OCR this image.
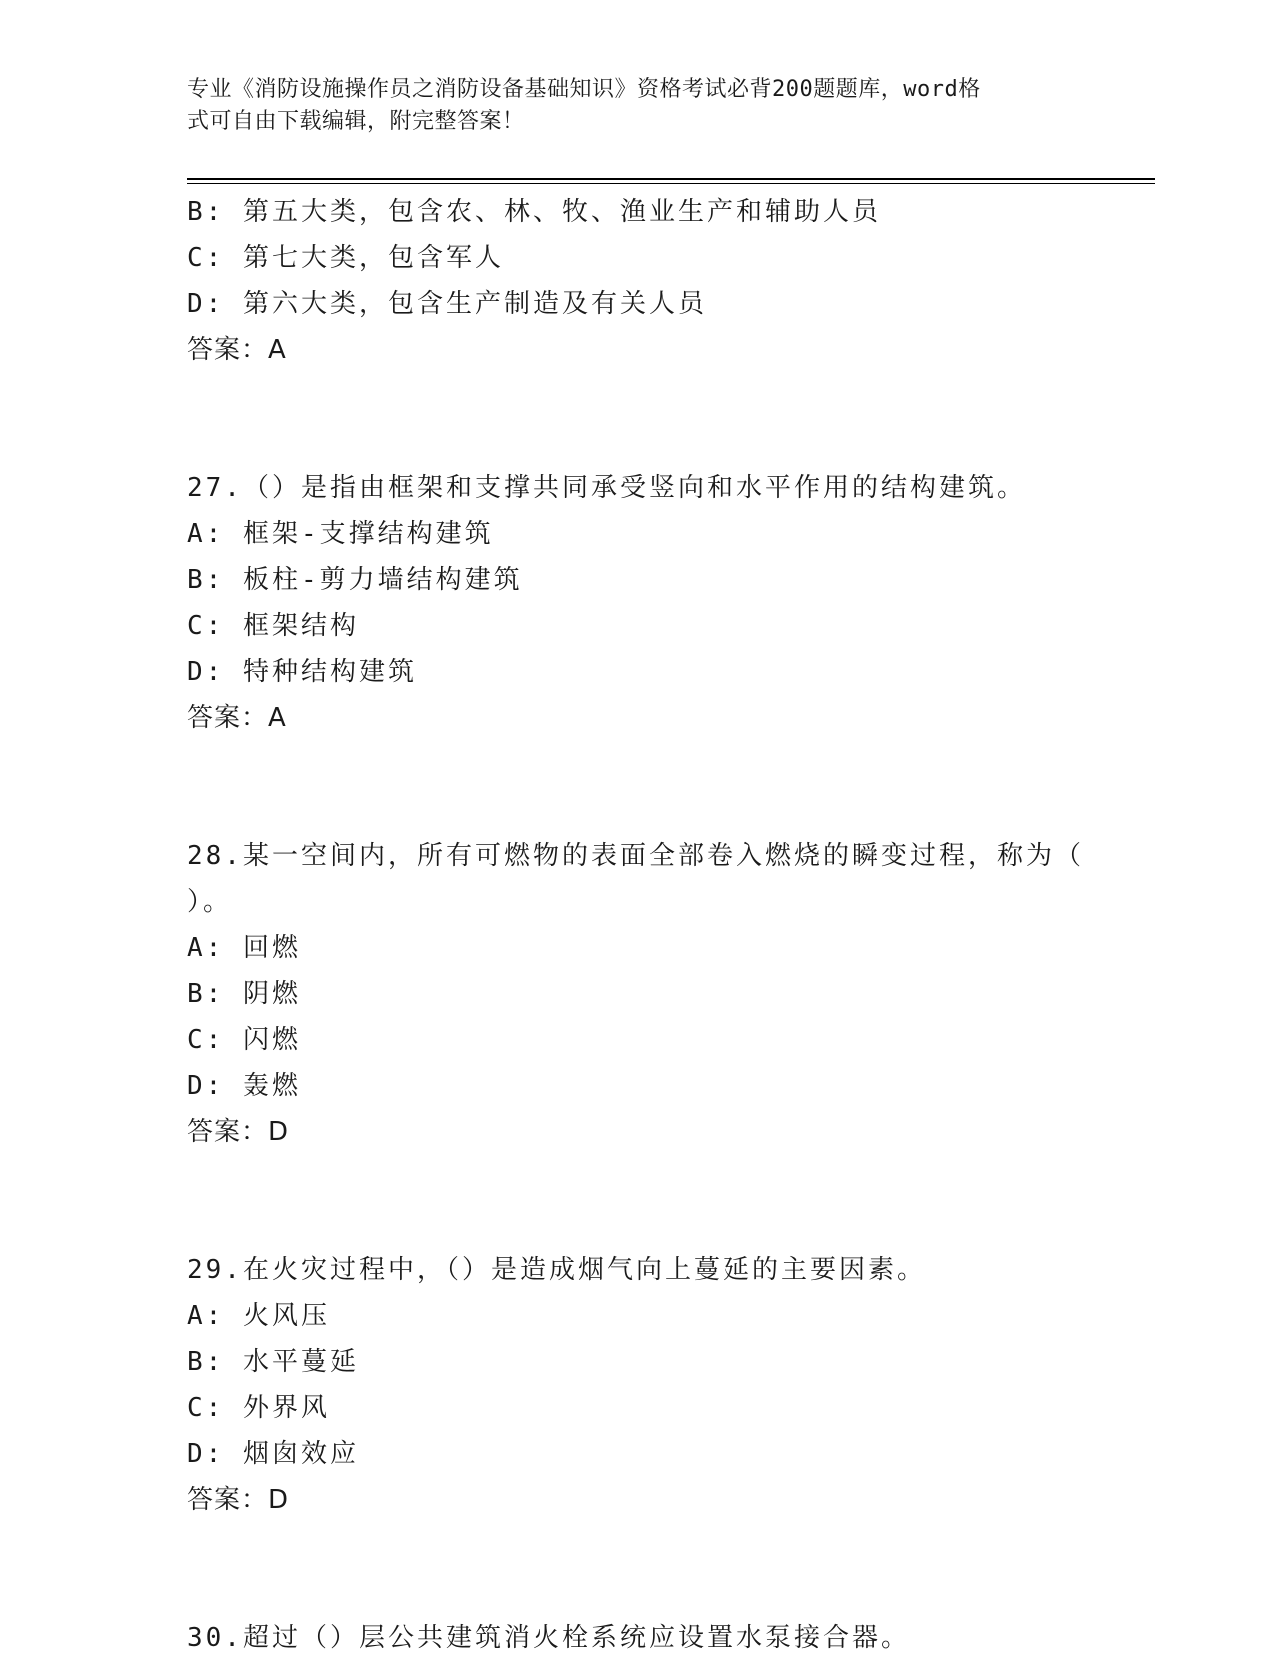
专业《消防设施操作员之消防设备基础知识》资格考试必背200题题库，word格
式可自由下载编辑，附完整答案！
B: 第五大类，包含农、林、牧、渔业生产和辅助人员
C: 第七大类，包含军人
D: 第六大类，包含生产制造及有关人员
答案：A
27.（）是指由框架和支撑共同承受竖向和水平作用的结构建筑。
A: 框架-支撑结构建筑
B: 板柱-剪力墙结构建筑
C: 框架结构
D: 特种结构建筑
答案：A
28.某一空间内，所有可燃物的表面全部卷入燃烧的瞬变过程，称为（
）。
A: 回燃
B: 阴燃
C: 闪燃
D: 轰燃
答案：D
29.在火灾过程中，（）是造成烟气向上蔓延的主要因素。
A: 火风压
B: 水平蔓延
C: 外界风
D: 烟囱效应
答案：D
30.超过（）层公共建筑消火栓系统应设置水泵接合器。
